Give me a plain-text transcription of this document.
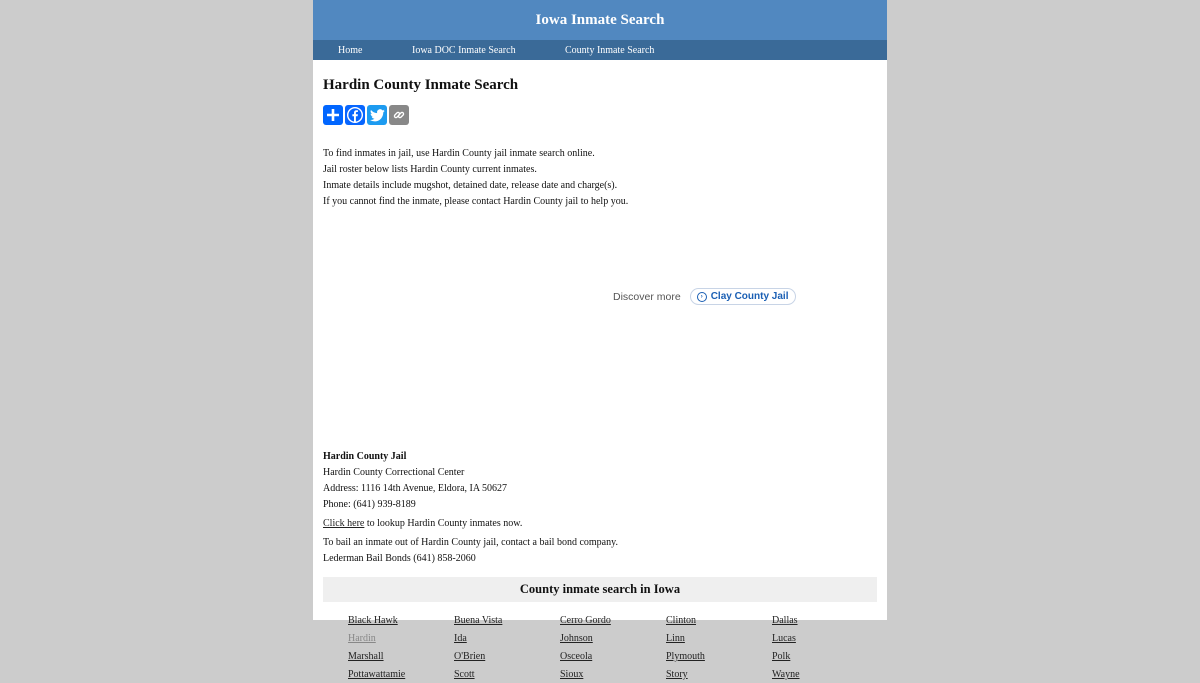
Iowa Inmate Search
Home	Iowa DOC Inmate Search	County Inmate Search
Hardin County Inmate Search
To find inmates in jail, use Hardin County jail inmate search online.
Jail roster below lists Hardin County current inmates.
Inmate details include mugshot, detained date, release date and charge(s).
If you cannot find the inmate, please contact Hardin County jail to help you.
Discover more	› Clay County Jail
Hardin County Jail
Hardin County Correctional Center
Address: 1116 14th Avenue, Eldora, IA 50627
Phone: (641) 939-8189
Click here to lookup Hardin County inmates now.
To bail an inmate out of Hardin County jail, contact a bail bond company.
Lederman Bail Bonds (641) 858-2060
County inmate search in Iowa
Black Hawk	Buena Vista	Cerro Gordo	Clinton	Dallas
Hardin	Ida	Johnson	Linn	Lucas
Marshall	O'Brien	Osceola	Plymouth	Polk
Pottawattamie	Scott	Sioux	Story	Wayne
